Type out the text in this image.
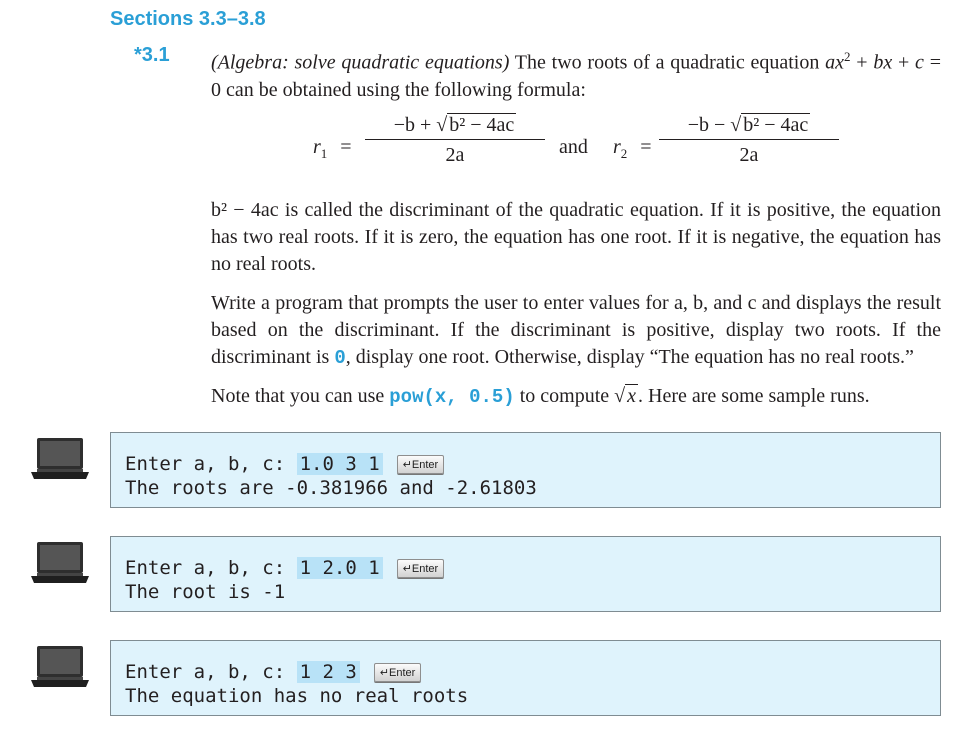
Sections 3.3–3.8
*3.1 (Algebra: solve quadratic equations) The two roots of a quadratic equation $ax^2$ + bx + c = 0 can be obtained using the following formula:
$r_1 = \frac{\text{−b + √ b² − 4ac}}{2a}$ and $r_2 = \frac{\text{−b − √ b² − 4ac}}{2a}$
b² − 4ac is called the discriminant of the quadratic equation. If it is positive, the equation has two real roots. If it is zero, the equation has one root. If it is negative, the equation has no real roots.
Write a program that prompts the user to enter values for a, b, and c and displays the result based on the discriminant. If the discriminant is positive, display two roots. If the discriminant is 0, display one root. Otherwise, display “The equation has no real roots.”
Note that you can use pow(x, 0.5) to compute √ x . Here are some sample runs.
Enter a, b, c: 1.0 3 1 ↵Enter
The roots are -0.381966 and -2.61803
Enter a, b, c: 1 2.0 1 ↵Enter
The root is -1
Enter a, b, c: 1 2 3 ↵Enter
The equation has no real roots
